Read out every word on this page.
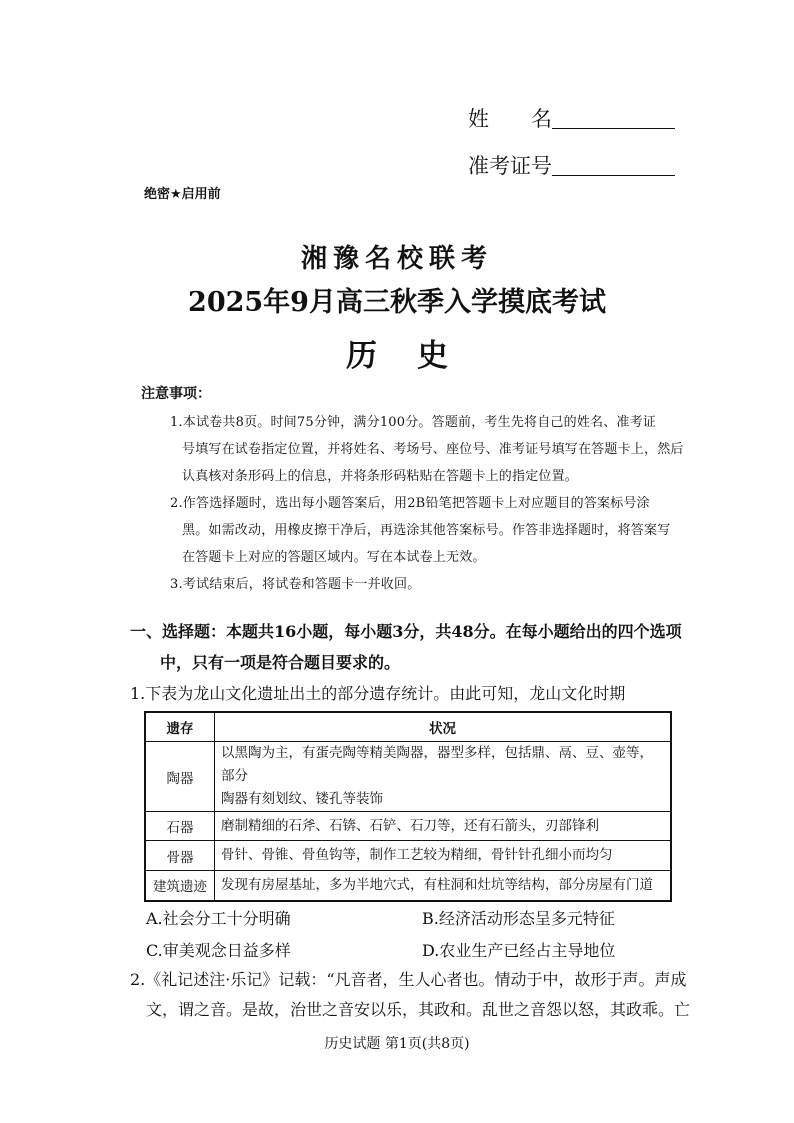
姓　　名
准考证号
绝密★启用前
湘豫名校联考
2025年9月高三秋季入学摸底考试
历史
注意事项：
1.本试卷共8页。时间75分钟，满分100分。答题前，考生先将自己的姓名、准考证
号填写在试卷指定位置，并将姓名、考场号、座位号、准考证号填写在答题卡上，然后
认真核对条形码上的信息，并将条形码粘贴在答题卡上的指定位置。
2.作答选择题时，选出每小题答案后，用2B铅笔把答题卡上对应题目的答案标号涂
黑。如需改动，用橡皮擦干净后，再选涂其他答案标号。作答非选择题时，将答案写
在答题卡上对应的答题区域内。写在本试卷上无效。
3.考试结束后，将试卷和答题卡一并收回。
一、选择题：本题共16小题，每小题3分，共48分。在每小题给出的四个选项
中，只有一项是符合题目要求的。
1.下表为龙山文化遗址出土的部分遗存统计。由此可知，龙山文化时期
遗存	状况
陶器	以黑陶为主，有蛋壳陶等精美陶器，器型多样，包括鼎、鬲、豆、壶等，部分
陶器有刻划纹、镂孔等装饰

石器	磨制精细的石斧、石锛、石铲、石刀等，还有石箭头，刃部锋利
骨器	骨针、骨锥、骨鱼钩等，制作工艺较为精细，骨针针孔细小而均匀
建筑遗迹	发现有房屋基址，多为半地穴式，有柱洞和灶坑等结构，部分房屋有门道
A.社会分工十分明确	B.经济活动形态呈多元特征
C.审美观念日益多样	D.农业生产已经占主导地位
2.《礼记述注·乐记》记载：“凡音者，生人心者也。情动于中，故形于声。声成
文，谓之音。是故，治世之音安以乐，其政和。乱世之音怨以怒，其政乖。亡
历史试题 第1页(共8页)
